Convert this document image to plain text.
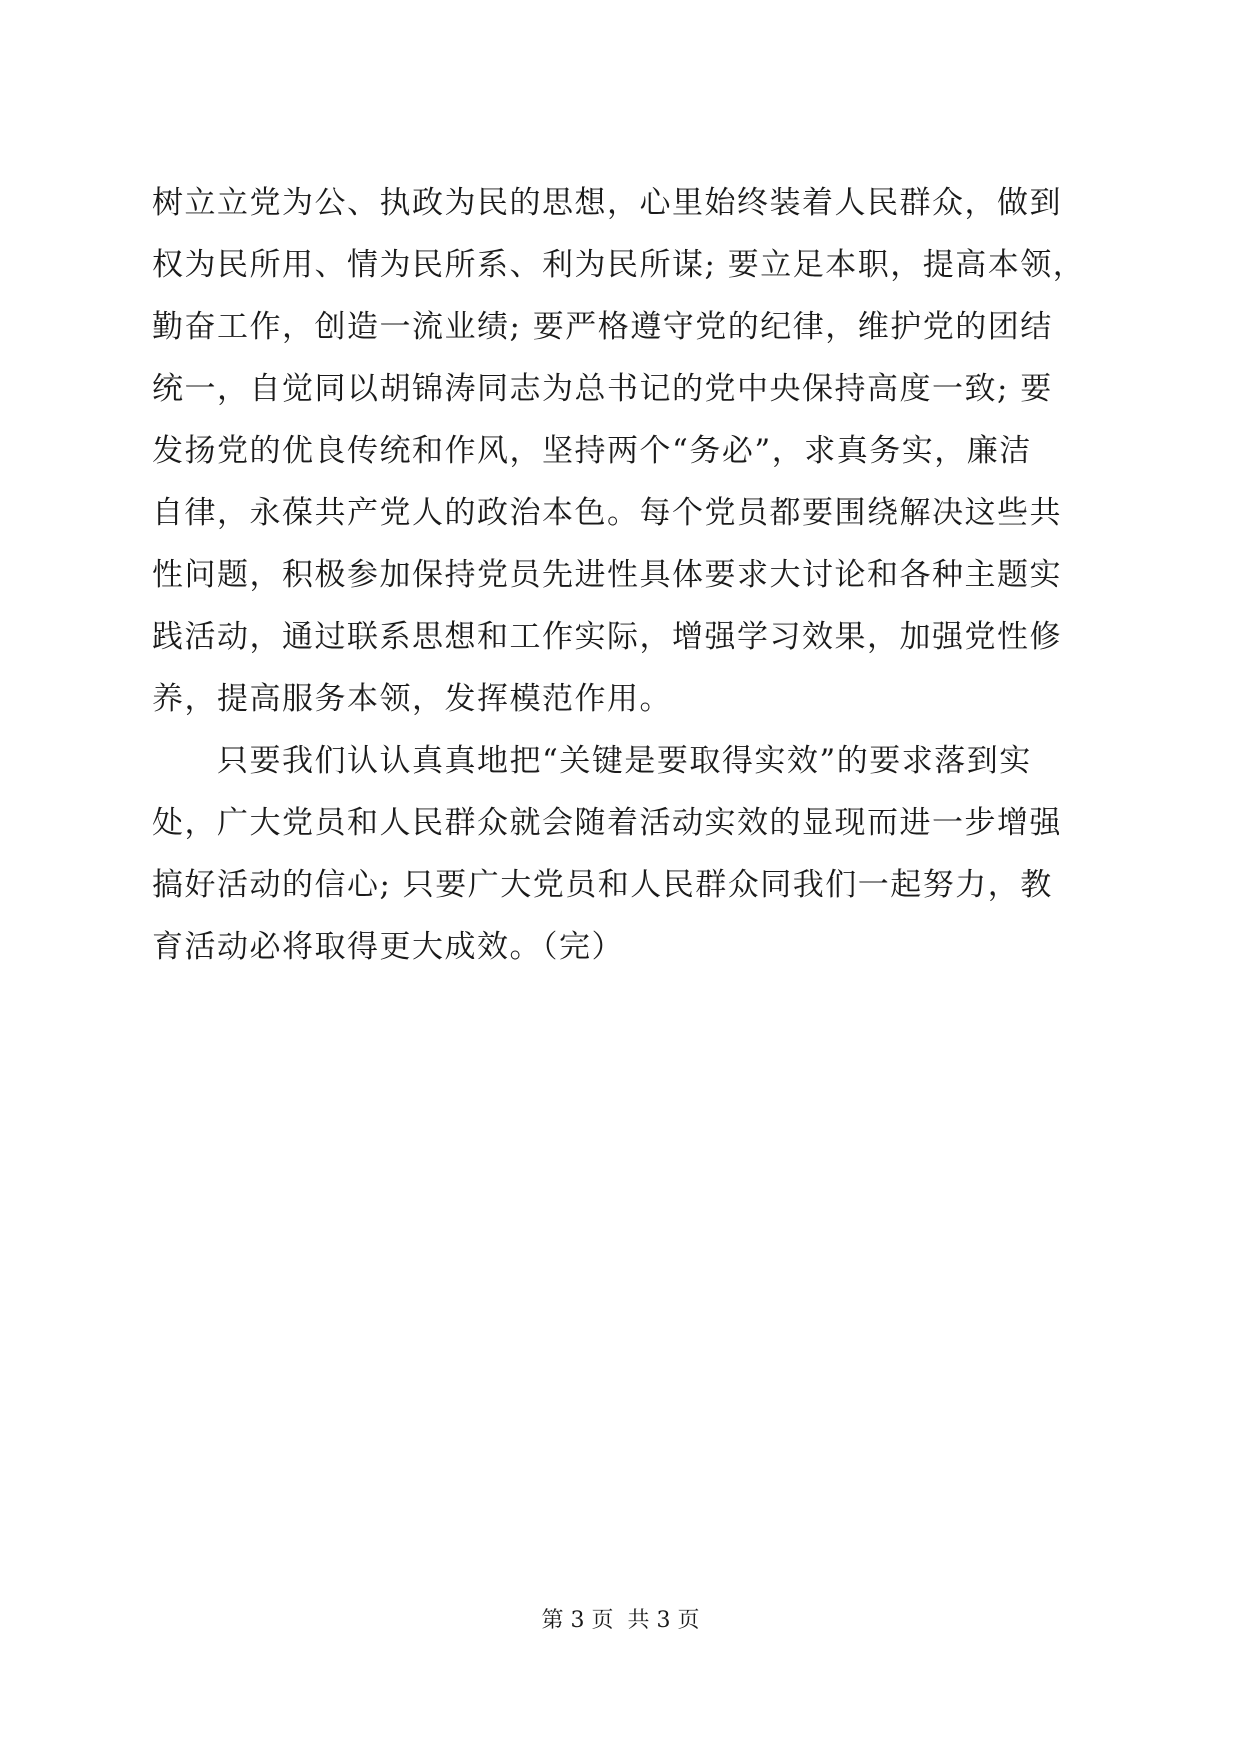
树立立党为公、执政为民的思想，心里始终装着人民群众，做到
权为民所用、情为民所系、利为民所谋; 要立足本职，提高本领，
勤奋工作，创造一流业绩; 要严格遵守党的纪律，维护党的团结
统一，自觉同以胡锦涛同志为总书记的党中央保持高度一致; 要
发扬党的优良传统和作风，坚持两个“务必”，求真务实，廉洁
自律，永葆共产党人的政治本色。每个党员都要围绕解决这些共
性问题，积极参加保持党员先进性具体要求大讨论和各种主题实
践活动，通过联系思想和工作实际，增强学习效果，加强党性修
养，提高服务本领，发挥模范作用。
　　只要我们认认真真地把“关键是要取得实效”的要求落到实
处，广大党员和人民群众就会随着活动实效的显现而进一步增强
搞好活动的信心; 只要广大党员和人民群众同我们一起努力，教
育活动必将取得更大成效。（完）
第 3 页  共 3 页
